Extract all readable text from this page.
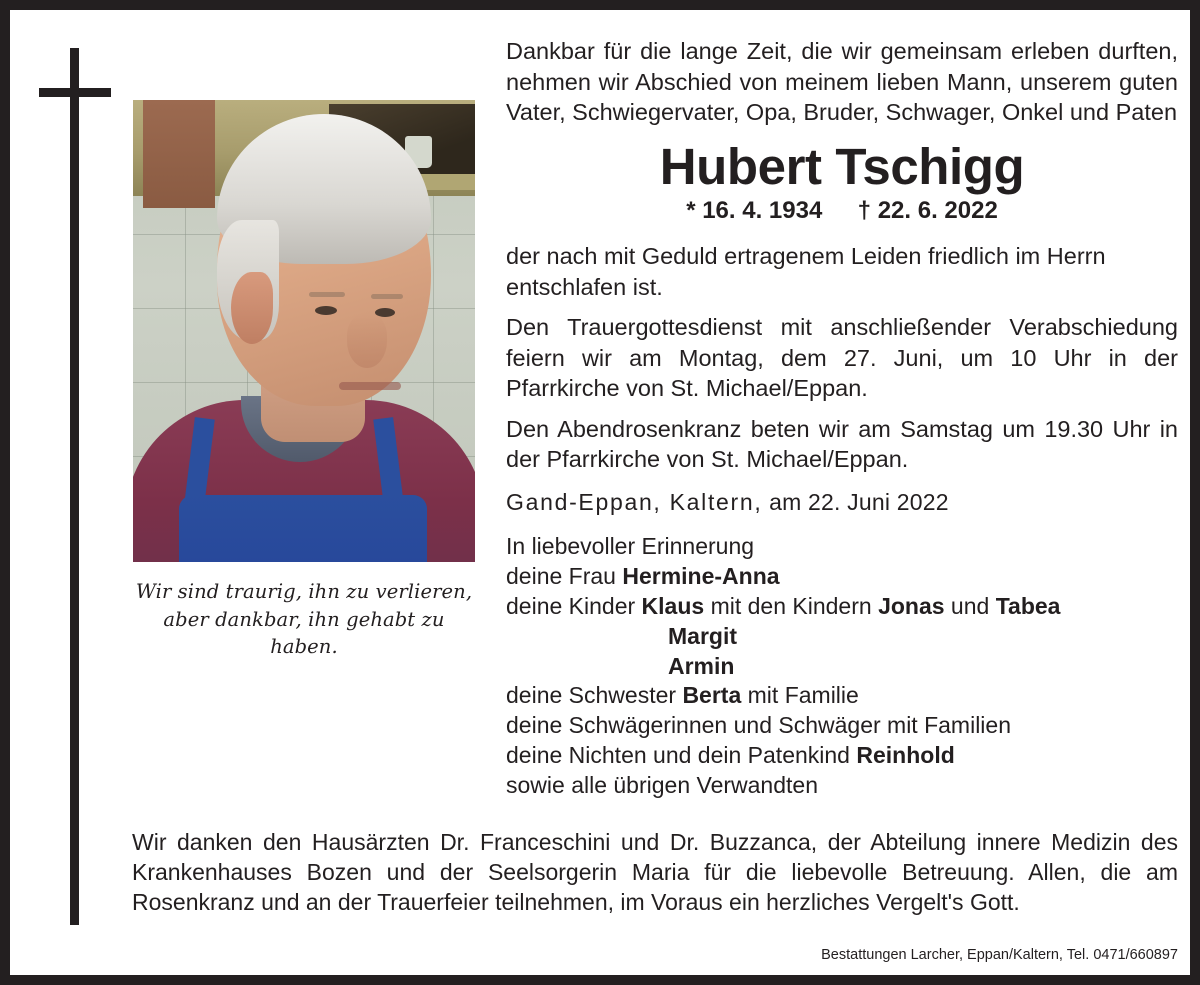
Wir sind traurig, ihn zu verlieren,
aber dankbar, ihn gehabt zu haben.

Dankbar für die lange Zeit, die wir gemeinsam erleben durften, nehmen wir Abschied von meinem lieben Mann, unserem guten Vater, Schwiegervater, Opa, Bruder, Schwager, Onkel und Paten

Hubert Tschigg
* 16. 4. 1934 † 22. 6. 2022

der nach mit Geduld ertragenem Leiden friedlich im Herrn entschlafen ist.

Den Trauergottesdienst mit anschließender Verabschiedung feiern wir am Montag, dem 27. Juni, um 10 Uhr in der Pfarrkirche von St. Michael/Eppan.

Den Abendrosenkranz beten wir am Samstag um 19.30 Uhr in der Pfarrkirche von St. Michael/Eppan.

Gand-Eppan, Kaltern, am 22. Juni 2022
In liebevoller Erinnerung
deine Frau Hermine-Anna
deine Kinder Klaus mit den Kindern Jonas und Tabea
Margit
Armin
deine Schwester Berta mit Familie
deine Schwägerinnen und Schwäger mit Familien
deine Nichten und dein Patenkind Reinhold
sowie alle übrigen Verwandten
Wir danken den Hausärzten Dr. Franceschini und Dr. Buzzanca, der Abteilung innere Medizin des Krankenhauses Bozen und der Seelsorgerin Maria für die liebevolle Betreuung. Allen, die am Rosenkranz und an der Trauerfeier teilnehmen, im Voraus ein herzliches Vergelt's Gott.
Bestattungen Larcher, Eppan/Kaltern, Tel. 0471/660897
